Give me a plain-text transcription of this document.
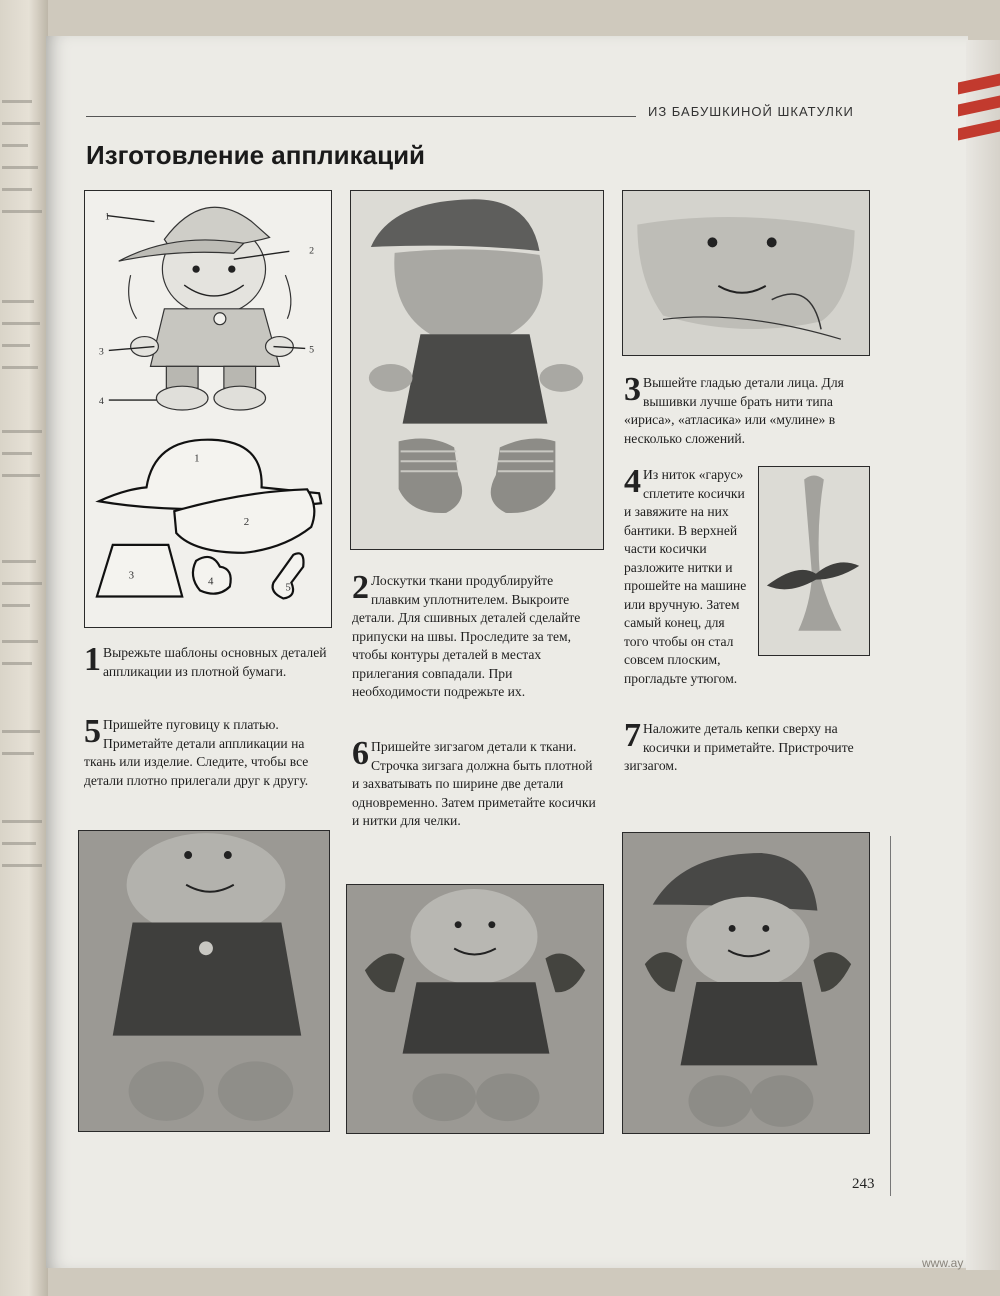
ИЗ БАБУШКИНОЙ ШКАТУЛКИ
Изготовление аппликаций
1
2
3
4
5
1
2
3	4	5
1 Вырежьте шаблоны основных деталей аппликации из плотной бумаги.

2 Лоскутки ткани продублируйте плавким уплотнителем. Выкроите детали. Для сшивных деталей сделайте припуски на швы. Проследите за тем, чтобы контуры деталей в местах прилегания совпадали. При необходимости подрежьте их.

3 Вышейте гладью детали лица. Для вышивки лучше брать нити типа «ириса», «атласика» или «мулине» в несколько сложений.

4 Из ниток «гарус» сплетите косички и завяжите на них бантики. В верхней части косички разложите нитки и прошейте на машине или вручную. Затем самый конец, для того чтобы он стал совсем плоским, прогладьте утюгом.

5 Пришейте пуговицу к платью. Приметайте детали аппликации на ткань или изделие. Следите, чтобы все детали плотно прилегали друг к другу.

6 Пришейте зигзагом детали к ткани. Строчка зигзага должна быть плотной и захватывать по ширине две детали одновременно. Затем приметайте косички и нитки для челки.

7 Наложите деталь кепки сверху на косички и приметайте. Пристрочите зигзагом.

243
www.ay
